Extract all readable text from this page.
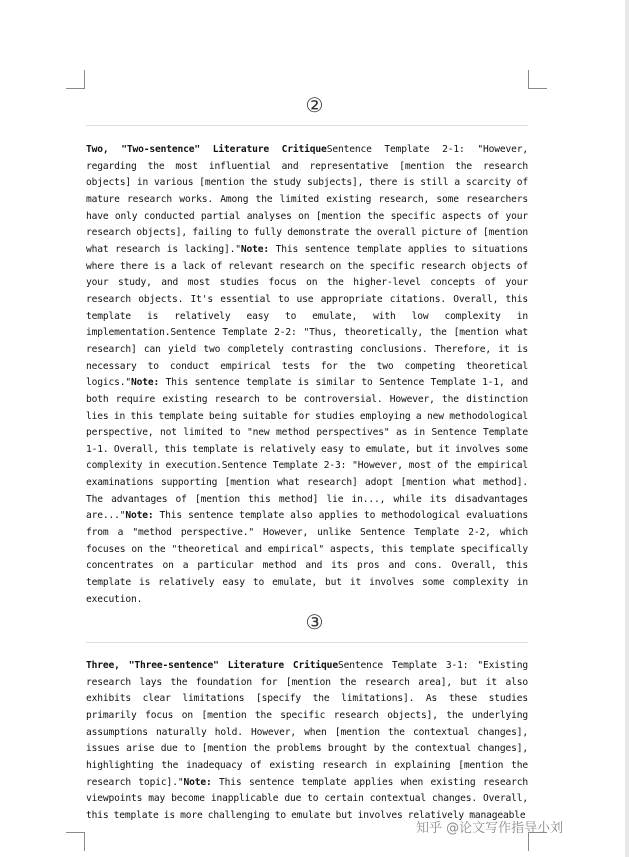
②
Two, "Two-sentence" Literature CritiqueSentence Template 2-1: "However, regarding the most influential and representative [mention the research objects] in various [mention the study subjects], there is still a scarcity of mature research works. Among the limited existing research, some researchers have only conducted partial analyses on [mention the specific aspects of your research objects], failing to fully demonstrate the overall picture of [mention what research is lacking]."Note: This sentence template applies to situations where there is a lack of relevant research on the specific research objects of your study, and most studies focus on the higher-level concepts of your research objects. It's essential to use appropriate citations. Overall, this template is relatively easy to emulate, with low complexity in implementation.Sentence Template 2-2: "Thus, theoretically, the [mention what research] can yield two completely contrasting conclusions. Therefore, it is necessary to conduct empirical tests for the two competing theoretical logics."Note: This sentence template is similar to Sentence Template 1-1, and both require existing research to be controversial. However, the distinction lies in this template being suitable for studies employing a new methodological perspective, not limited to "new method perspectives" as in Sentence Template 1-1. Overall, this template is relatively easy to emulate, but it involves some complexity in execution.Sentence Template 2-3: "However, most of the empirical examinations supporting [mention what research] adopt [mention what method]. The advantages of [mention this method] lie in..., while its disadvantages are..."Note: This sentence template also applies to methodological evaluations from a "method perspective." However, unlike Sentence Template 2-2, which focuses on the "theoretical and empirical" aspects, this template specifically concentrates on a particular method and its pros and cons. Overall, this template is relatively easy to emulate, but it involves some complexity in execution.
③
Three, "Three-sentence" Literature CritiqueSentence Template 3-1: "Existing research lays the foundation for [mention the research area], but it also exhibits clear limitations [specify the limitations]. As these studies primarily focus on [mention the specific research objects], the underlying assumptions naturally hold. However, when [mention the contextual changes], issues arise due to [mention the problems brought by the contextual changes], highlighting the inadequacy of existing research in explaining [mention the research topic]."Note: This sentence template applies when existing research viewpoints may become inapplicable due to certain contextual changes. Overall, this template is more challenging to emulate but involves relatively manageable
知乎 @论文写作指导小刘
